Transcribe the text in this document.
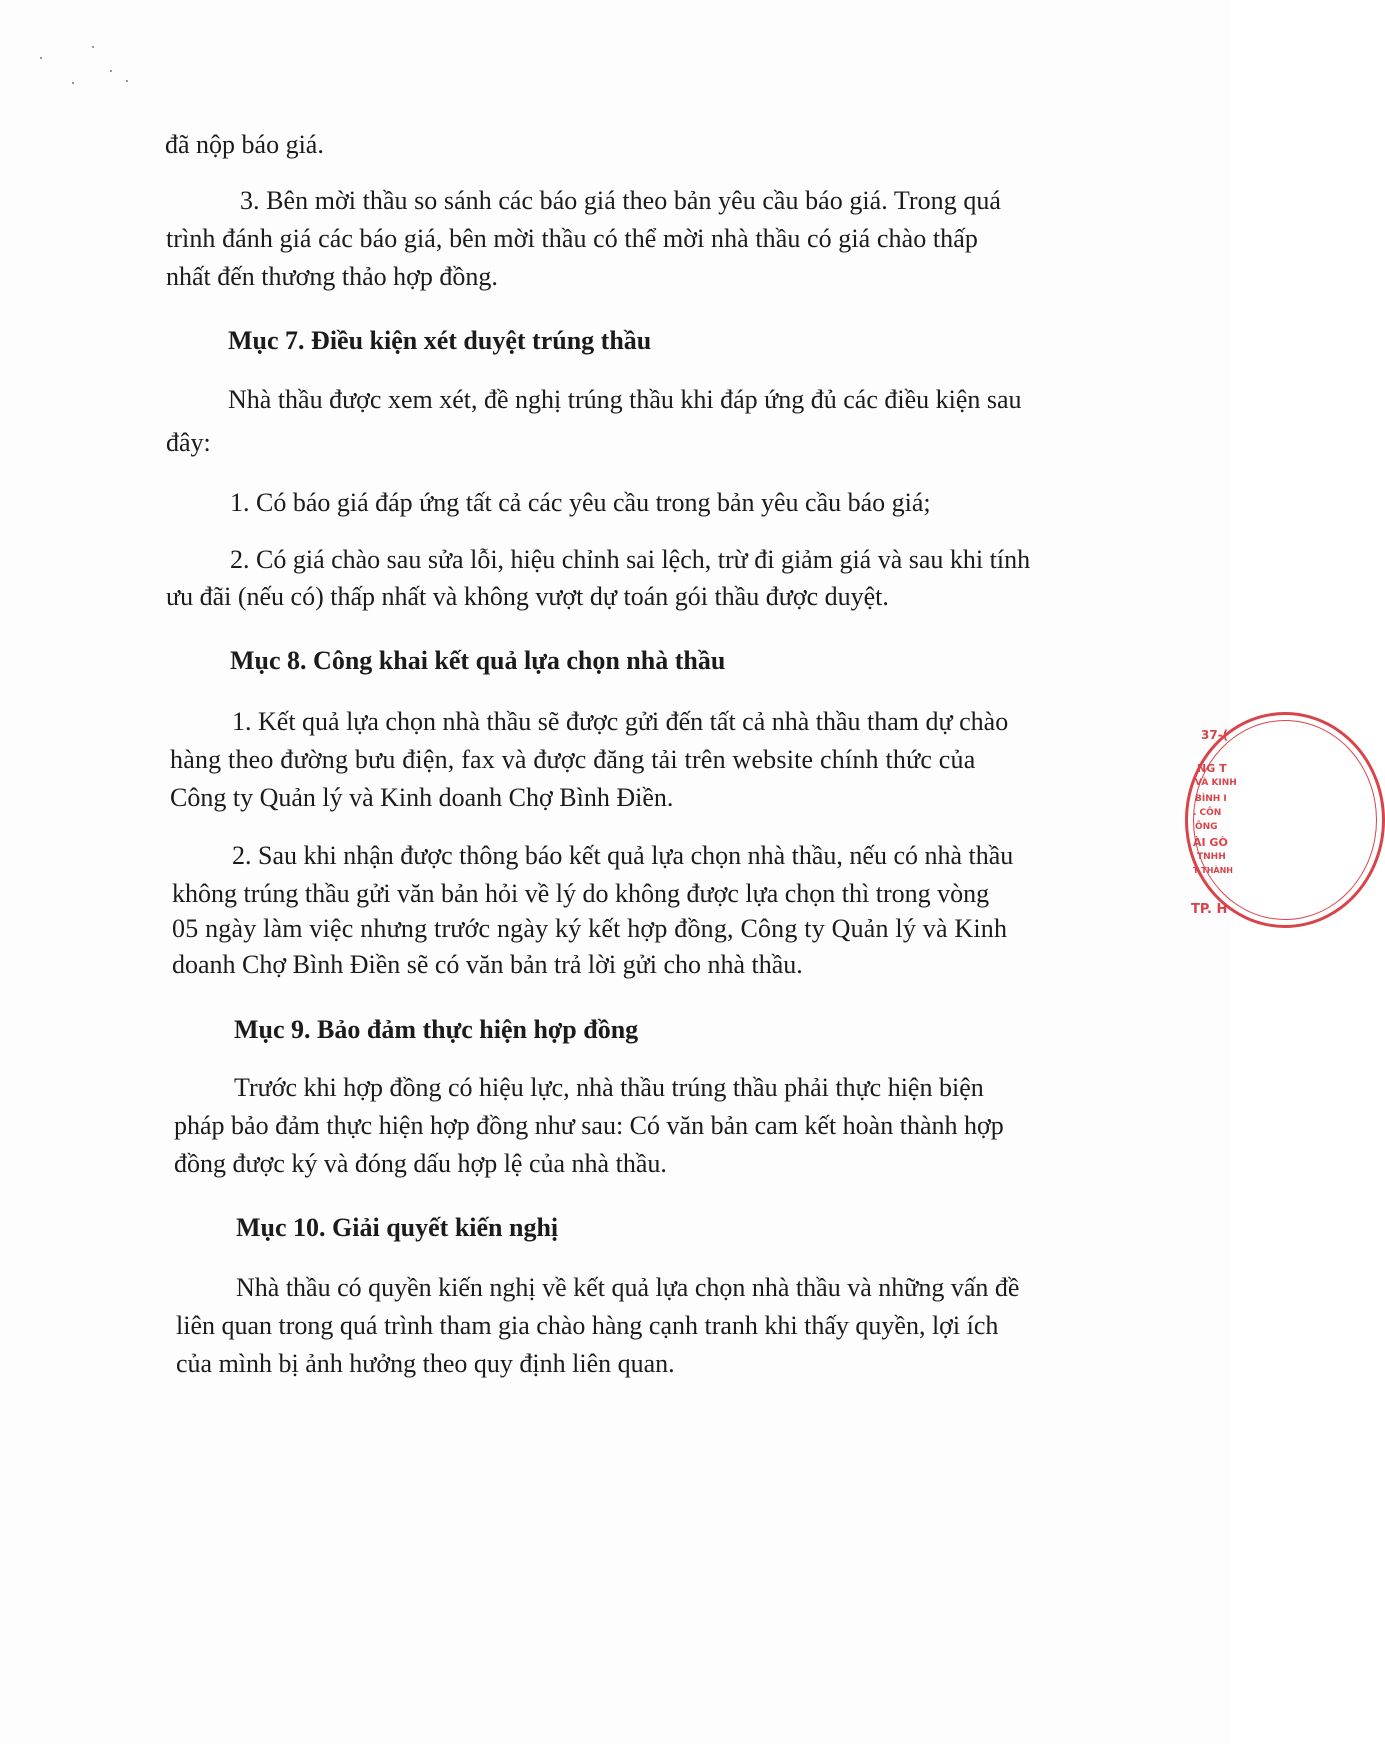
đã nộp báo giá.
3. Bên mời thầu so sánh các báo giá theo bản yêu cầu báo giá. Trong quá
trình đánh giá các báo giá, bên mời thầu có thể mời nhà thầu có giá chào thấp
nhất đến thương thảo hợp đồng.
Mục 7. Điều kiện xét duyệt trúng thầu
Nhà thầu được xem xét, đề nghị trúng thầu khi đáp ứng đủ các điều kiện sau
đây:
1. Có báo giá đáp ứng tất cả các yêu cầu trong bản yêu cầu báo giá;
2. Có giá chào sau sửa lỗi, hiệu chỉnh sai lệch, trừ đi giảm giá và sau khi tính
ưu đãi (nếu có) thấp nhất và không vượt dự toán gói thầu được duyệt.
Mục 8. Công khai kết quả lựa chọn nhà thầu
1. Kết quả lựa chọn nhà thầu sẽ được gửi đến tất cả nhà thầu tham dự chào
hàng theo đường bưu điện, fax và được đăng tải trên website chính thức của
Công ty Quản lý và Kinh doanh Chợ Bình Điền.
2. Sau khi nhận được thông báo kết quả lựa chọn nhà thầu, nếu có nhà thầu
không trúng thầu gửi văn bản hỏi về lý do không được lựa chọn thì trong vòng
05 ngày làm việc nhưng trước ngày ký kết hợp đồng, Công ty Quản lý và Kinh
doanh Chợ Bình Điền sẽ có văn bản trả lời gửi cho nhà thầu.
Mục 9. Bảo đảm thực hiện hợp đồng
Trước khi hợp đồng có hiệu lực, nhà thầu trúng thầu phải thực hiện biện
pháp bảo đảm thực hiện hợp đồng như sau: Có văn bản cam kết hoàn thành hợp
đồng được ký và đóng dấu hợp lệ của nhà thầu.
Mục 10. Giải quyết kiến nghị
Nhà thầu có quyền kiến nghị về kết quả lựa chọn nhà thầu và những vấn đề
liên quan trong quá trình tham gia chào hàng cạnh tranh khi thấy quyền, lợi ích
của mình bị ảnh hưởng theo quy định liên quan.
37-(
NG T
VÀ KINH
BÌNH I
. CÔN
ÔNG
ÀI GÒ
TNHH
T THÀNH
TP. H
